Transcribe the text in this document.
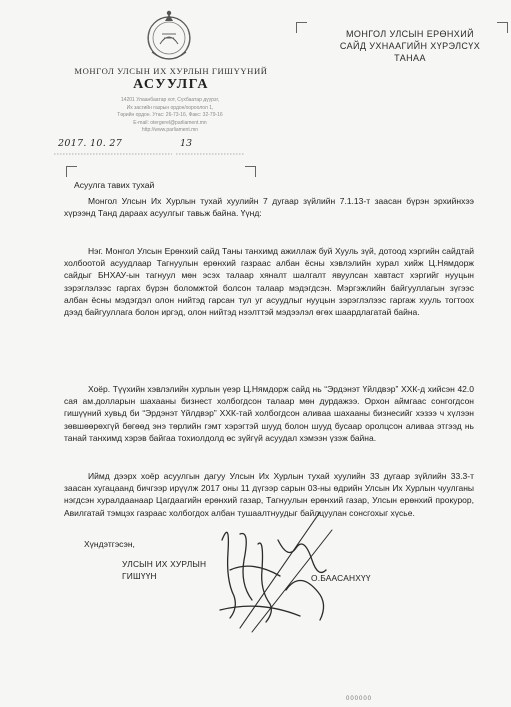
МОНГОЛ УЛСЫН ИХ ХУРЛЫН ГИШҮҮНИЙ
АСУУЛГА
14201 Улаанбаатар хот, Сүхбаатар дүүрэг,
Их засгийн газрын ордон/хороолол 1,
Төрийн ордон. Утас: 26-73-16, Факс: 32-79-16
E-mail: otergerel@parliament.mn
http://www.parliament.mn
2017. 10. 27	13
МОНГОЛ УЛСЫН ЕРӨНХИЙ
САЙД УХНААГИЙН ХҮРЭЛСҮХ
ТАНАА
Асуулга тавих тухай

Монгол Улсын Их Хурлын тухай хуулийн 7 дугаар зүйлийн 7.1.13-т заасан бүрэн эрхийнхээ хүрээнд Танд дараах асуулгыг тавьж байна. Үүнд:

Нэг. Монгол Улсын Ерөнхий сайд Таны танхимд ажиллаж буй Хууль зүй, дотоод хэргийн сайдтай холбоотой асуудлаар Тагнуулын ерөнхий газраас албан ёсны хэвлэлийн хурал хийж Ц.Нямдорж сайдыг БНХАУ-ын тагнуул мөн эсэх талаар хяналт шалгалт явуулсан хавтаст хэргийг нууцын зэрэглэлээс гаргах бүрэн боломжтой болсон талаар мэдэгдсэн. Мэргэжлийн байгууллагын зүгээс албан ёсны мэдэгдэл олон нийтэд гарсан тул уг асуудлыг нууцын зэрэглэлээс гаргаж хууль тогтоох дээд байгууллага болон иргэд, олон нийтэд нээлттэй мэдээлэл өгөх шаардлагатай байна.

Хоёр. Түүхийн хэвлэлийн хурлын үеэр Ц.Нямдорж сайд нь “Эрдэнэт Үйлдвэр” ХХК-д хийсэн 42.0 сая ам.долларын шахааны бизнест холбогдсон талаар мөн дурдажээ. Орхон аймгаас сонгогдсон гишүүний хувьд би “Эрдэнэт Үйлдвэр” ХХК-тай холбогдсон аливаа шахааны бизнесийг хэзээ ч хүлээн зөвшөөрөхгүй бөгөөд энэ төрлийн гэмт хэрэгтэй шууд болон шууд бусаар оролцсон аливаа этгээд нь танай танхимд хэрэв байгаа тохиолдолд өс зүйгүй асуудал хэмээн үзэж байна.

Иймд дээрх хоёр асуулгын дагуу Улсын Их Хурлын тухай хуулийн 33 дугаар зүйлийн 33.3-т заасан хугацаанд бичгээр ирүүлж 2017 оны 11 дүгээр сарын 03-ны өдрийн Улсын Их Хурлын чуулганы нэгдсэн хуралдаанаар Цагдаагийн ерөнхий газар, Тагнуулын ерөнхий газар, Улсын ерөнхий прокурор, Авилгатай тэмцэх газраас холбогдох албан тушаалтнуудыг байлцуулан сонсгохыг хүсье.

Хүндэтгэсэн,
УЛСЫН ИХ ХУРЛЫН
ГИШҮҮН	О.БААСАНХҮҮ
000000
